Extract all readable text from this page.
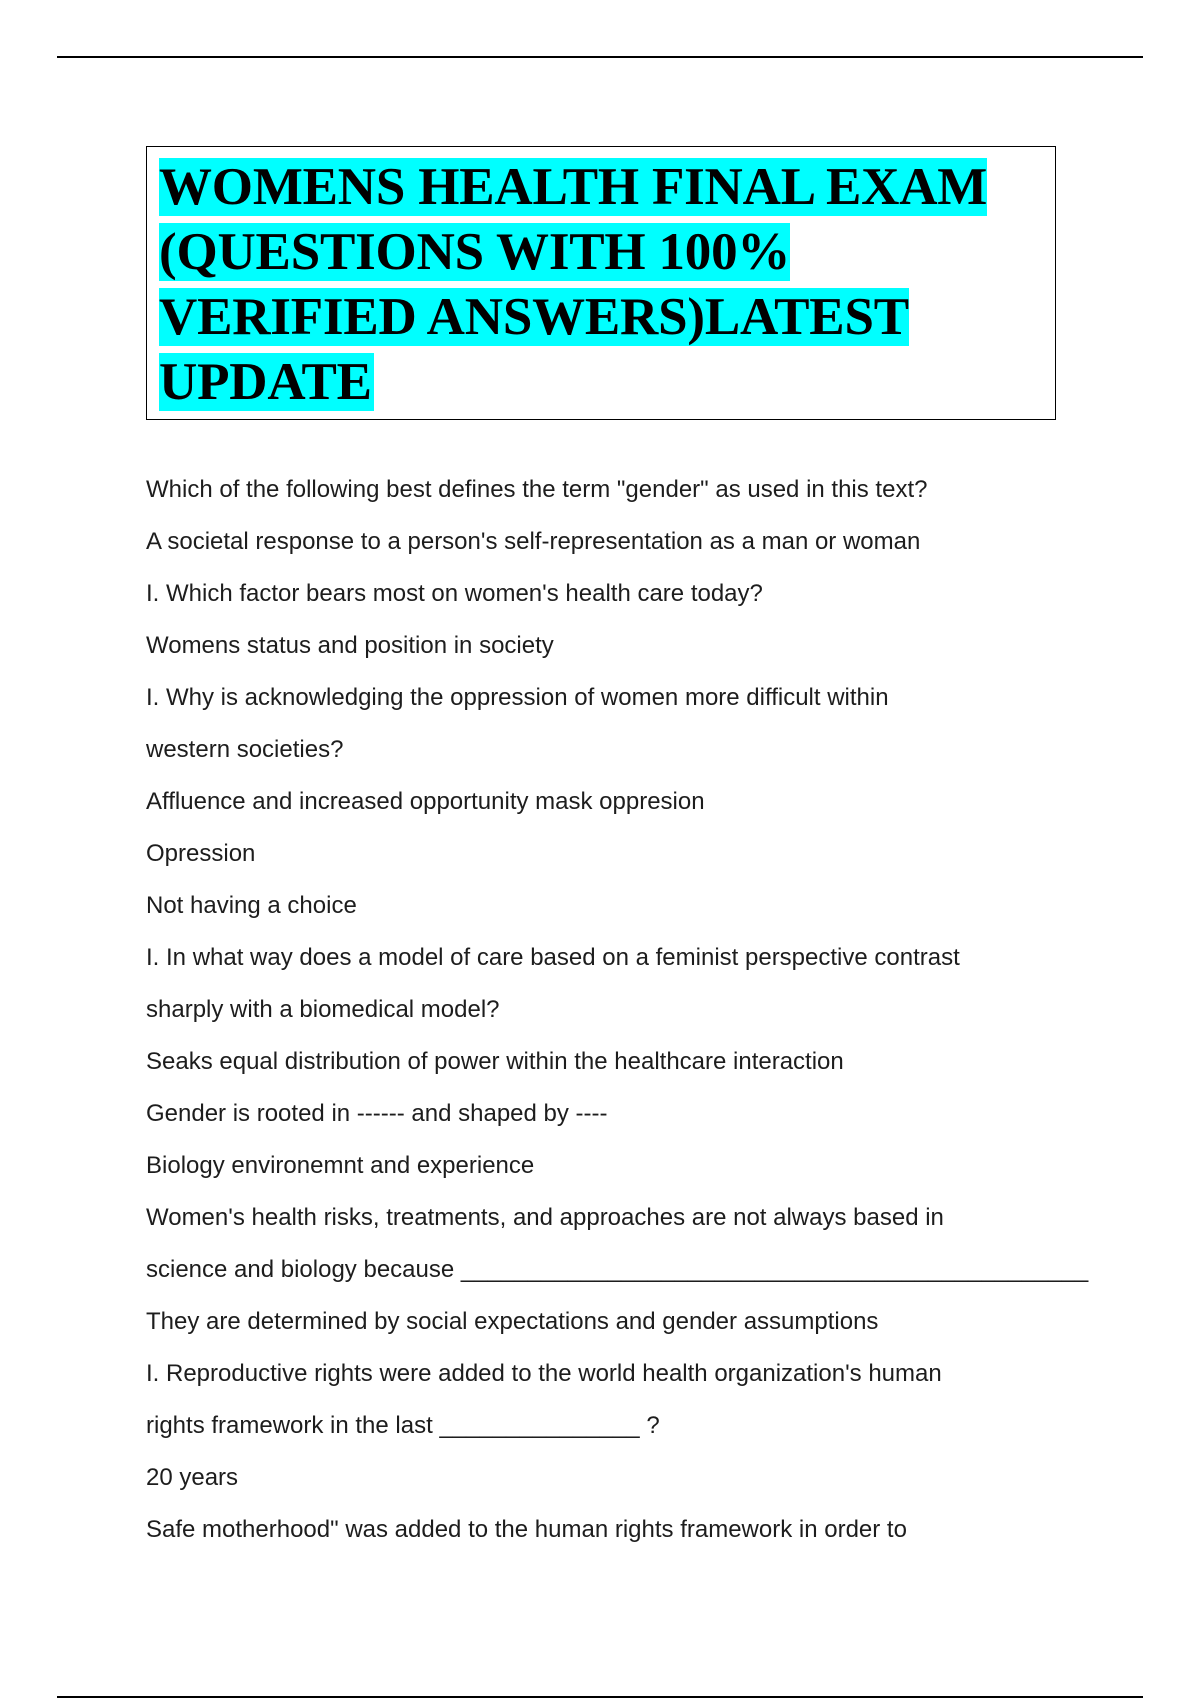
WOMENS HEALTH FINAL EXAM (QUESTIONS WITH 100% VERIFIED ANSWERS)LATEST UPDATE

Which of the following best defines the term "gender" as used in this text?

A societal response to a person's self-representation as a man or woman

I. Which factor bears most on women's health care today?

Womens status and position in society

I. Why is acknowledging the oppression of women more difficult within

western societies?

Affluence and increased opportunity mask oppresion

Opression

Not having a choice

I. In what way does a model of care based on a feminist perspective contrast

sharply with a biomedical model?

Seaks equal distribution of power within the healthcare interaction

Gender is rooted in ------ and shaped by ----

Biology environemnt and experience

Women's health risks, treatments, and approaches are not always based in

science and biology because _______________________________________________

They are determined by social expectations and gender assumptions

I. Reproductive rights were added to the world health organization's human

rights framework in the last _______________ ?

20 years

Safe motherhood" was added to the human rights framework in order to
